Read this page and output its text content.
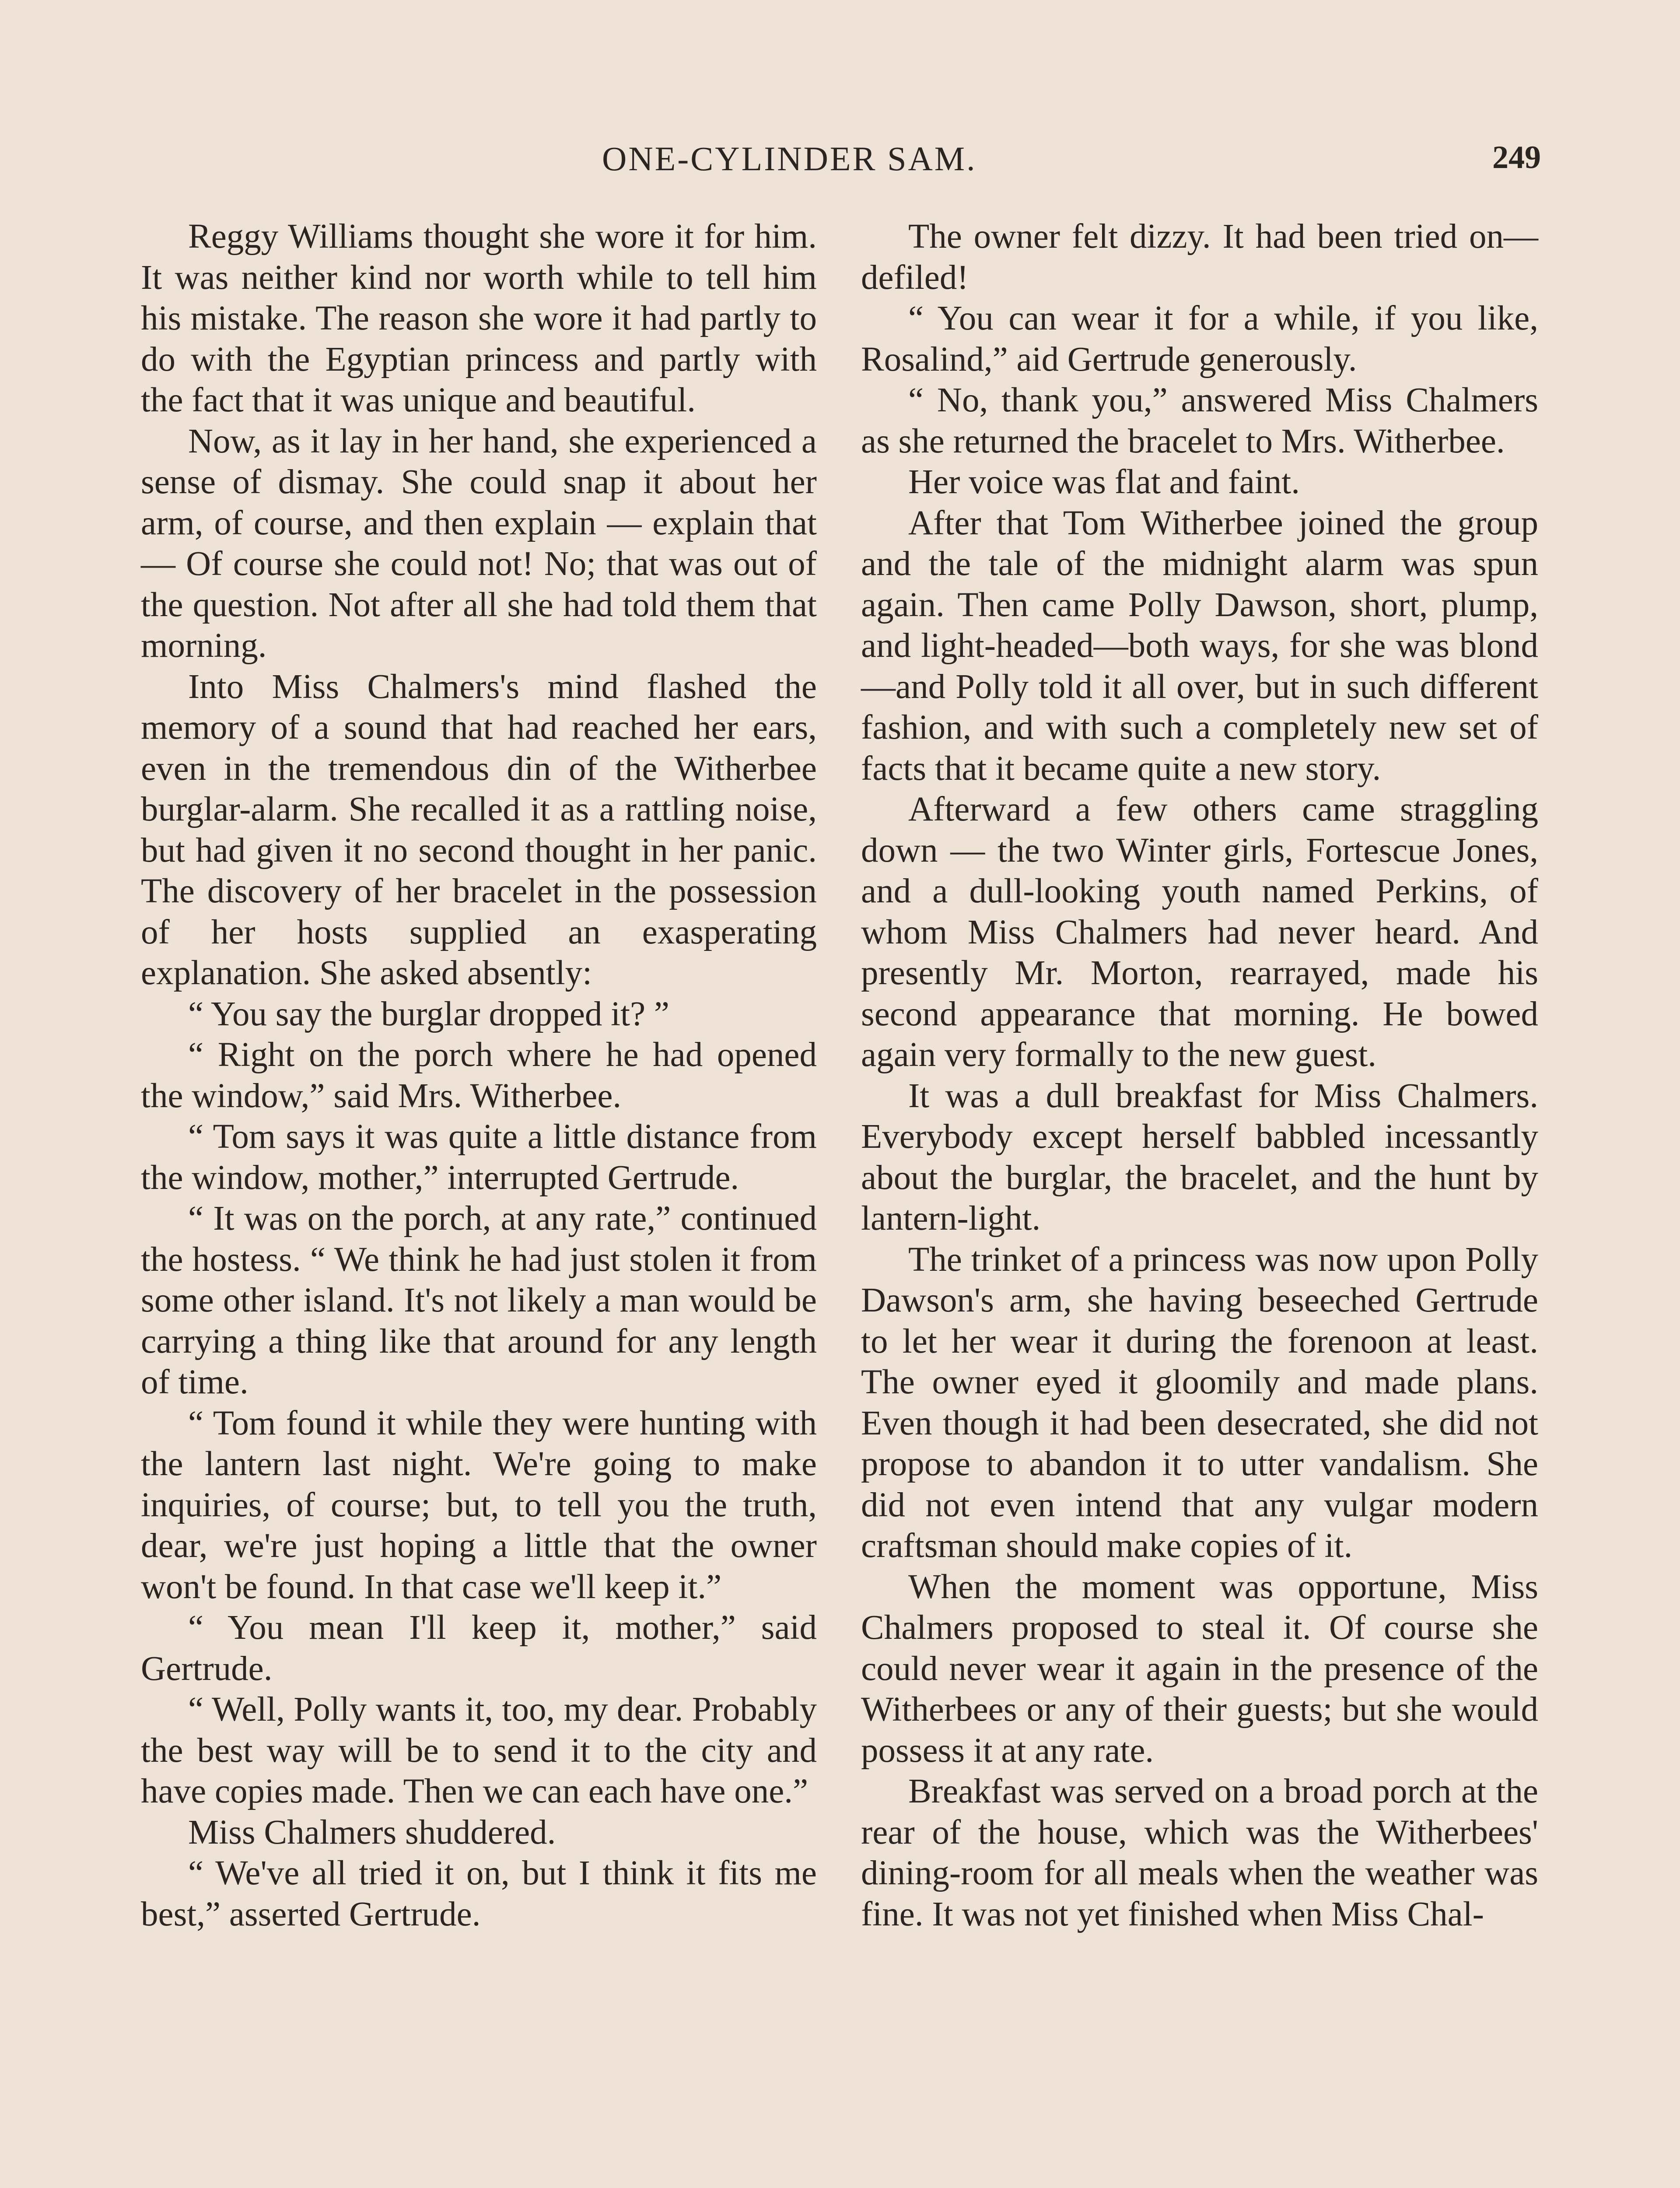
ONE-CYLINDER SAM.	249

Reggy Williams thought she wore it for him. It was neither kind nor worth while to tell him his mistake. The reason she wore it had partly to do with the Egyptian princess and partly with the fact that it was unique and beautiful.

Now, as it lay in her hand, she experienced a sense of dismay. She could snap it about her arm, of course, and then explain — explain that— Of course she could not! No; that was out of the question. Not after all she had told them that morning.

Into Miss Chalmers's mind flashed the memory of a sound that had reached her ears, even in the tremendous din of the Witherbee burglar-alarm. She recalled it as a rattling noise, but had given it no second thought in her panic. The discovery of her bracelet in the possession of her hosts supplied an exasperating explanation. She asked absently:

“ You say the burglar dropped it? ”

“ Right on the porch where he had opened the window,” said Mrs. Witherbee.

“ Tom says it was quite a little distance from the window, mother,” interrupted Gertrude.

“ It was on the porch, at any rate,” continued the hostess. “ We think he had just stolen it from some other island. It's not likely a man would be carrying a thing like that around for any length of time.

“ Tom found it while they were hunting with the lantern last night. We're going to make inquiries, of course; but, to tell you the truth, dear, we're just hoping a little that the owner won't be found. In that case we'll keep it.”

“ You mean I'll keep it, mother,” said Gertrude.

“ Well, Polly wants it, too, my dear. Probably the best way will be to send it to the city and have copies made. Then we can each have one.”

Miss Chalmers shuddered.

“ We've all tried it on, but I think it fits me best,” asserted Gertrude.

The owner felt dizzy. It had been tried on—defiled!

“ You can wear it for a while, if you like, Rosalind,” aid Gertrude generously.

“ No, thank you,” answered Miss Chalmers as she returned the bracelet to Mrs. Witherbee.

Her voice was flat and faint.

After that Tom Witherbee joined the group and the tale of the midnight alarm was spun again. Then came Polly Dawson, short, plump, and light-headed—both ways, for she was blond —and Polly told it all over, but in such different fashion, and with such a completely new set of facts that it became quite a new story.

Afterward a few others came straggling down — the two Winter girls, Fortescue Jones, and a dull-looking youth named Perkins, of whom Miss Chalmers had never heard. And presently Mr. Morton, rearrayed, made his second appearance that morning. He bowed again very formally to the new guest.

It was a dull breakfast for Miss Chalmers. Everybody except herself babbled incessantly about the burglar, the bracelet, and the hunt by lantern-light.

The trinket of a princess was now upon Polly Dawson's arm, she having beseeched Gertrude to let her wear it during the forenoon at least. The owner eyed it gloomily and made plans. Even though it had been desecrated, she did not propose to abandon it to utter vandalism. She did not even intend that any vulgar modern craftsman should make copies of it.

When the moment was opportune, Miss Chalmers proposed to steal it. Of course she could never wear it again in the presence of the Witherbees or any of their guests; but she would possess it at any rate.

Breakfast was served on a broad porch at the rear of the house, which was the Witherbees' dining-room for all meals when the weather was fine. It was not yet finished when Miss Chal-
